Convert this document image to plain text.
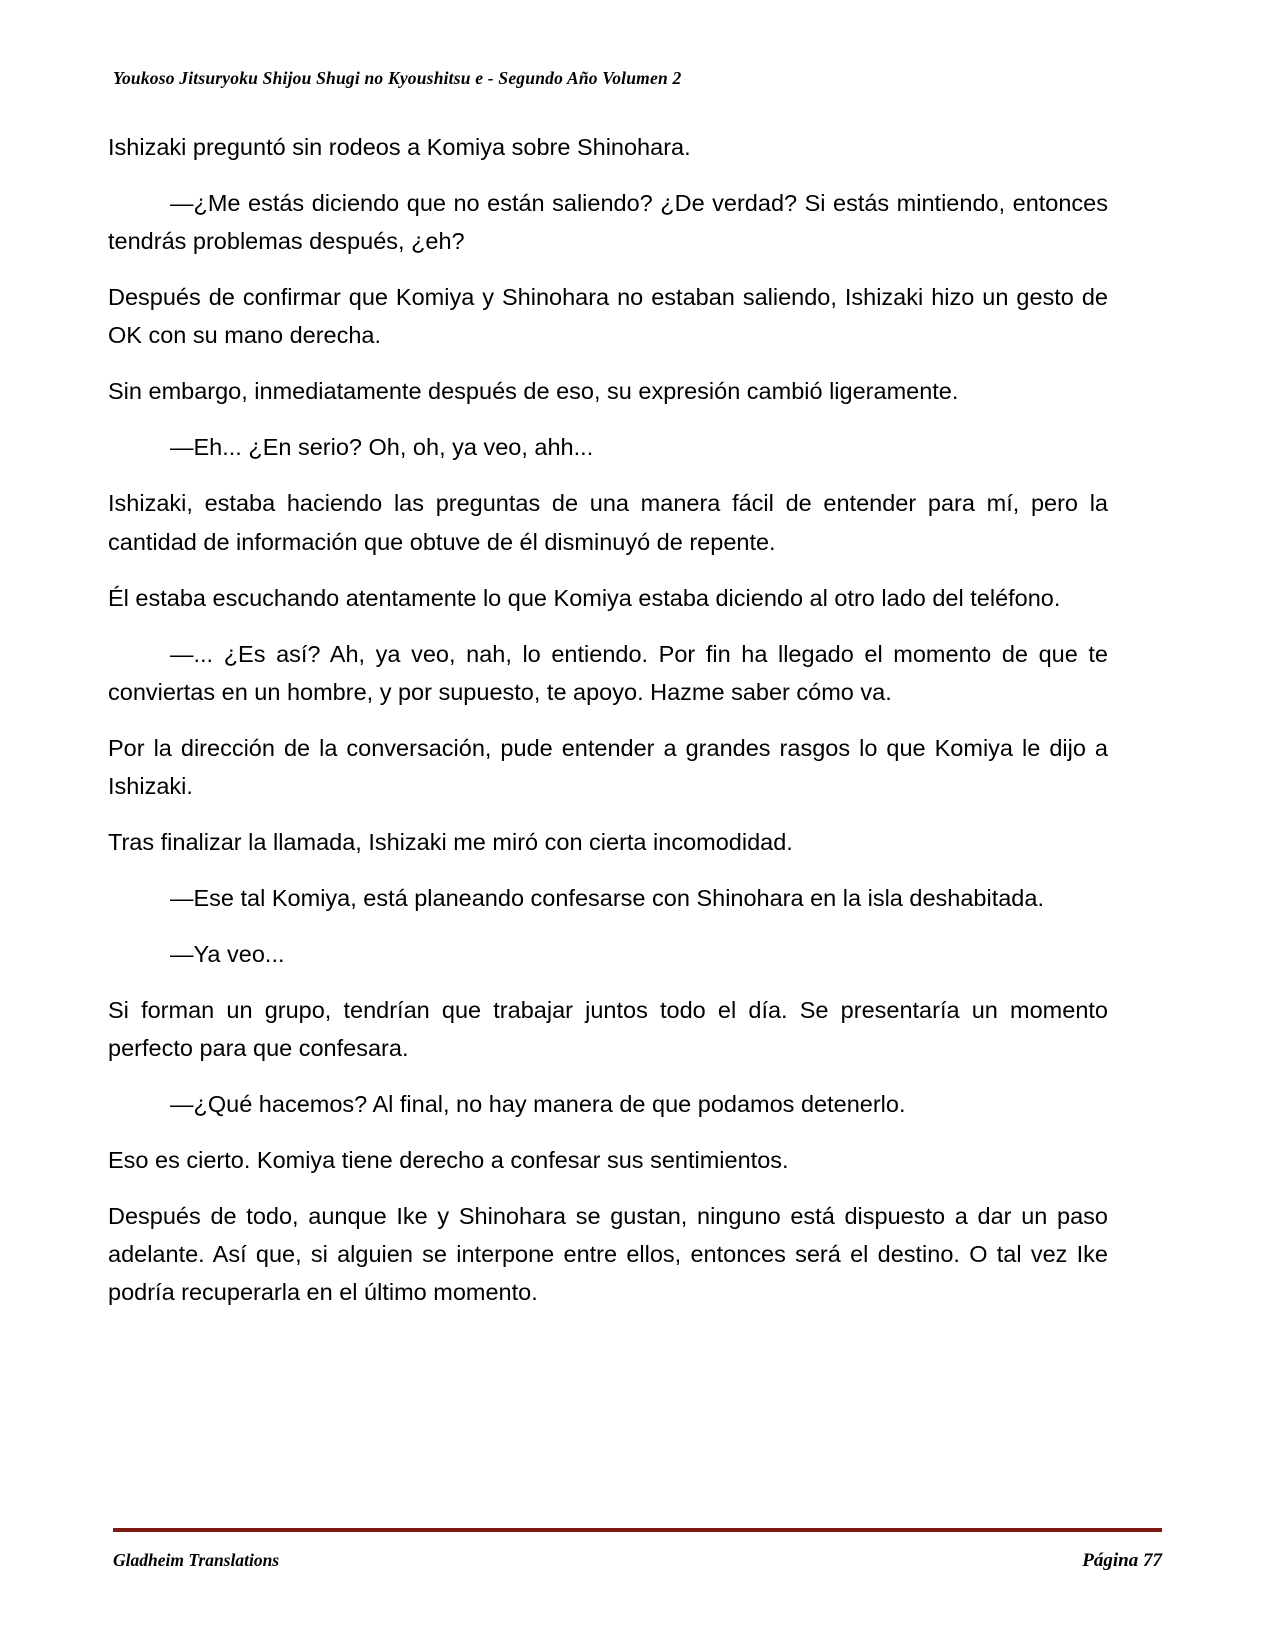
Youkoso Jitsuryoku Shijou Shugi no Kyoushitsu e - Segundo Año Volumen 2

Ishizaki preguntó sin rodeos a Komiya sobre Shinohara.

—¿Me estás diciendo que no están saliendo? ¿De verdad? Si estás mintiendo, entonces tendrás problemas después, ¿eh?

Después de confirmar que Komiya y Shinohara no estaban saliendo, Ishizaki hizo un gesto de OK con su mano derecha.

Sin embargo, inmediatamente después de eso, su expresión cambió ligeramente.

—Eh... ¿En serio? Oh, oh, ya veo, ahh...

Ishizaki, estaba haciendo las preguntas de una manera fácil de entender para mí, pero la cantidad de información que obtuve de él disminuyó de repente.

Él estaba escuchando atentamente lo que Komiya estaba diciendo al otro lado del teléfono.

—... ¿Es así? Ah, ya veo, nah, lo entiendo. Por fin ha llegado el momento de que te conviertas en un hombre, y por supuesto, te apoyo. Hazme saber cómo va.

Por la dirección de la conversación, pude entender a grandes rasgos lo que Komiya le dijo a Ishizaki.

Tras finalizar la llamada, Ishizaki me miró con cierta incomodidad.

—Ese tal Komiya, está planeando confesarse con Shinohara en la isla deshabitada.

—Ya veo...

Si forman un grupo, tendrían que trabajar juntos todo el día. Se presentaría un momento perfecto para que confesara.

—¿Qué hacemos? Al final, no hay manera de que podamos detenerlo.

Eso es cierto. Komiya tiene derecho a confesar sus sentimientos.

Después de todo, aunque Ike y Shinohara se gustan, ninguno está dispuesto a dar un paso adelante. Así que, si alguien se interpone entre ellos, entonces será el destino. O tal vez Ike podría recuperarla en el último momento.

Gladheim Translations	Página 77
